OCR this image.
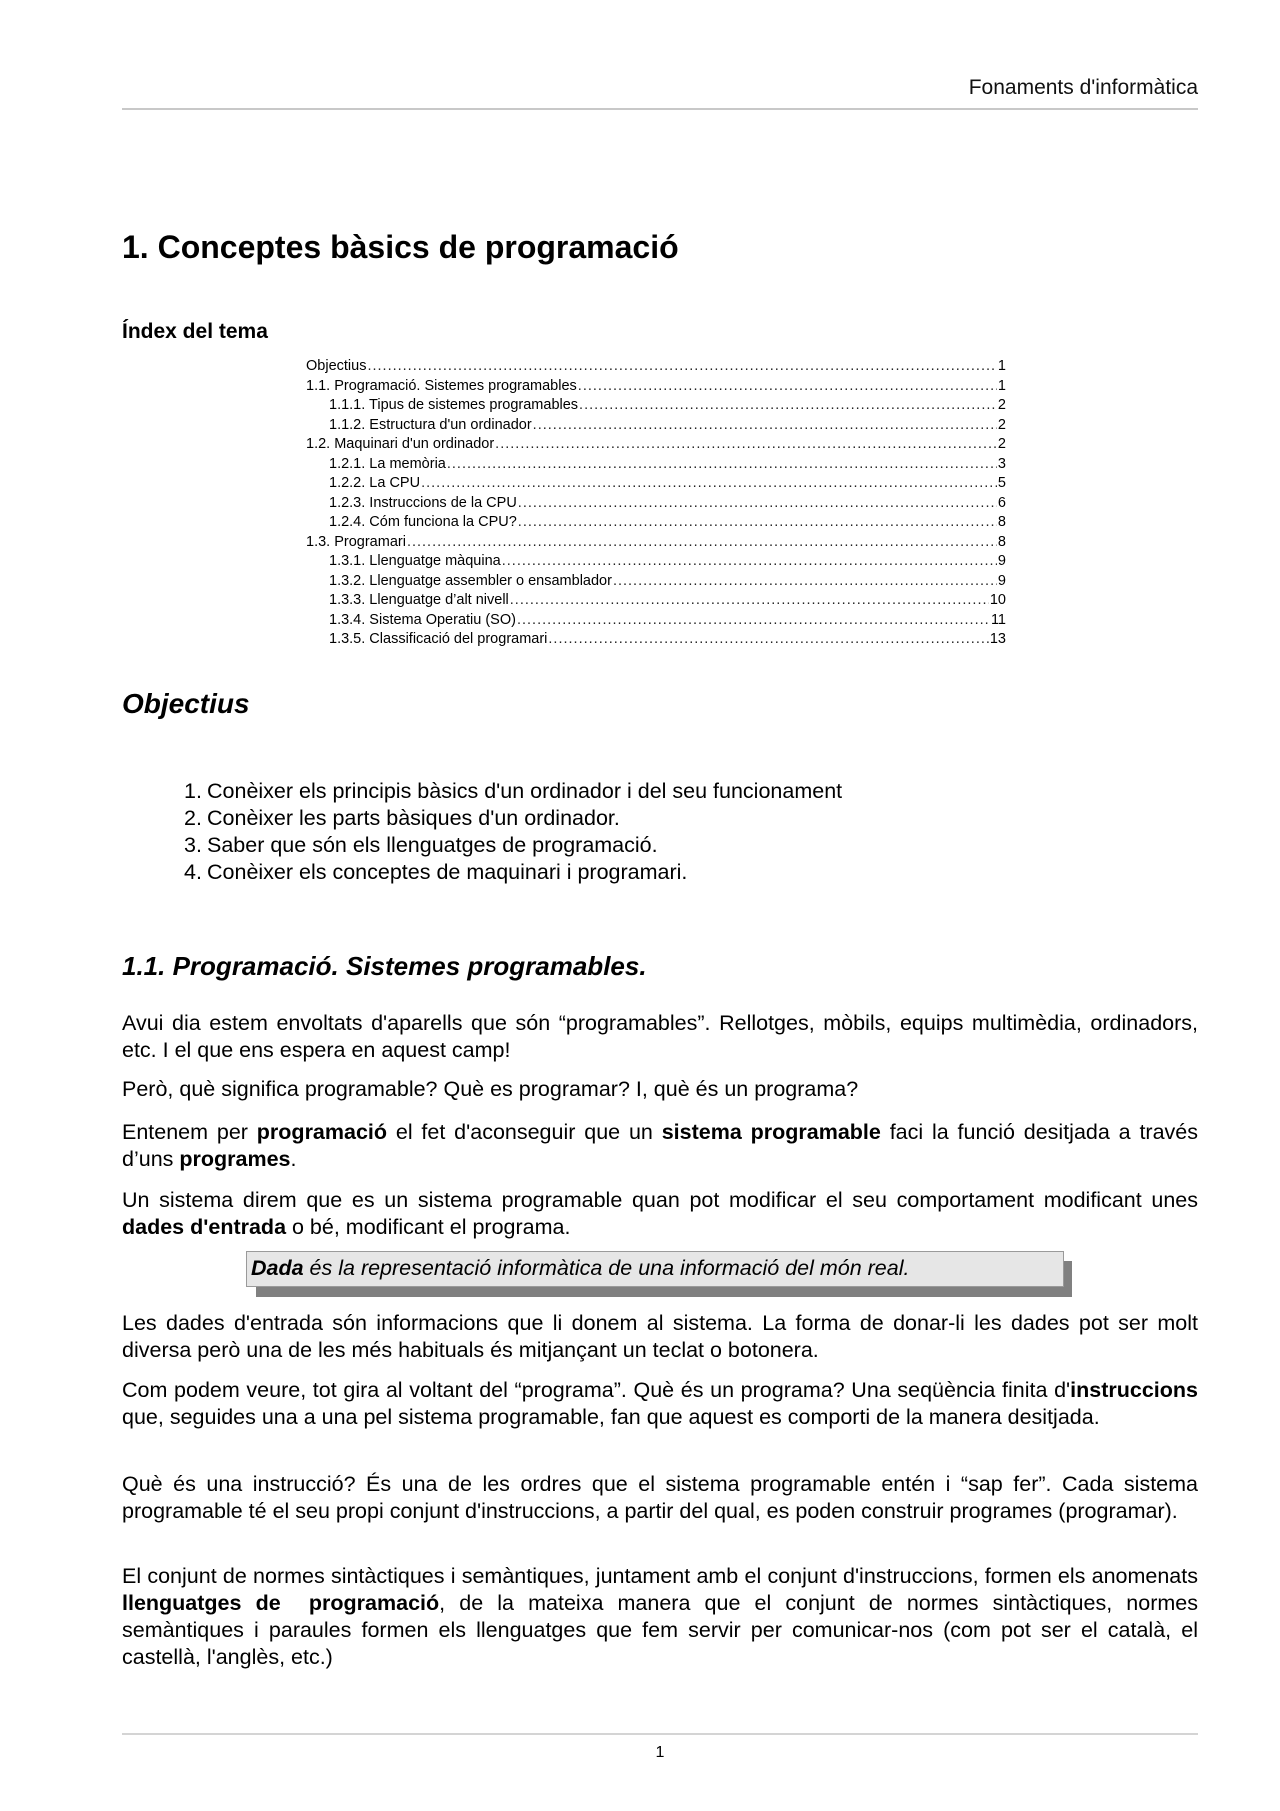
Fonaments d'informàtica
1. Conceptes bàsics de programació
Índex del tema
Objectius .....	1
1.1. Programació. Sistemes programables .....	1
1.1.1. Tipus de sistemes programables .....	2
1.1.2. Estructura d'un ordinador .....	2
1.2. Maquinari d'un ordinador .....	2
1.2.1. La memòria .....	3
1.2.2. La CPU .....	5
1.2.3. Instruccions de la CPU .....	6
1.2.4. Cóm funciona la CPU? .....	8
1.3. Programari .....	8
1.3.1. Llenguatge màquina .....	9
1.3.2. Llenguatge assembler o ensamblador .....	9
1.3.3. Llenguatge d’alt nivell .....	10
1.3.4. Sistema Operatiu (SO) .....	11
1.3.5. Classificació del programari .....	13
Objectius
1. Conèixer els principis bàsics d'un ordinador i del seu funcionament
2. Conèixer les parts bàsiques d'un ordinador.
3. Saber que són els llenguatges de programació.
4. Conèixer els conceptes de maquinari i programari.
1.1. Programació. Sistemes programables.

Avui dia estem envoltats d'aparells que són “programables”. Rellotges, mòbils, equips multimèdia, ordinadors, etc. I el que ens espera en aquest camp!

Però, què significa programable? Què es programar? I, què és un programa?

Entenem per programació el fet d'aconseguir que un sistema programable faci la funció desitjada a través d’uns programes.

Un sistema direm que es un sistema programable quan pot modificar el seu comportament modificant unes dades d'entrada o bé, modificant el programa.

Dada és la representació informàtica de una informació del món real.

Les dades d'entrada són informacions que li donem al sistema. La forma de donar-li les dades pot ser molt diversa però una de les més habituals és mitjançant un teclat o botonera.

Com podem veure, tot gira al voltant del “programa”. Què és un programa? Una seqüència finita d'instruccions que, seguides una a una pel sistema programable, fan que aquest es comporti de la manera desitjada.

Què és una instrucció? És una de les ordres que el sistema programable entén i “sap fer”. Cada sistema programable té el seu propi conjunt d'instruccions, a partir del qual, es poden construir programes (programar).

El conjunt de normes sintàctiques i semàntiques, juntament amb el conjunt d'instruccions, formen els anomenats llenguatges de  programació, de la mateixa manera que el conjunt de normes sintàctiques, normes semàntiques i paraules formen els llenguatges que fem servir per comunicar-nos (com pot ser el català, el castellà, l'anglès, etc.)

1
